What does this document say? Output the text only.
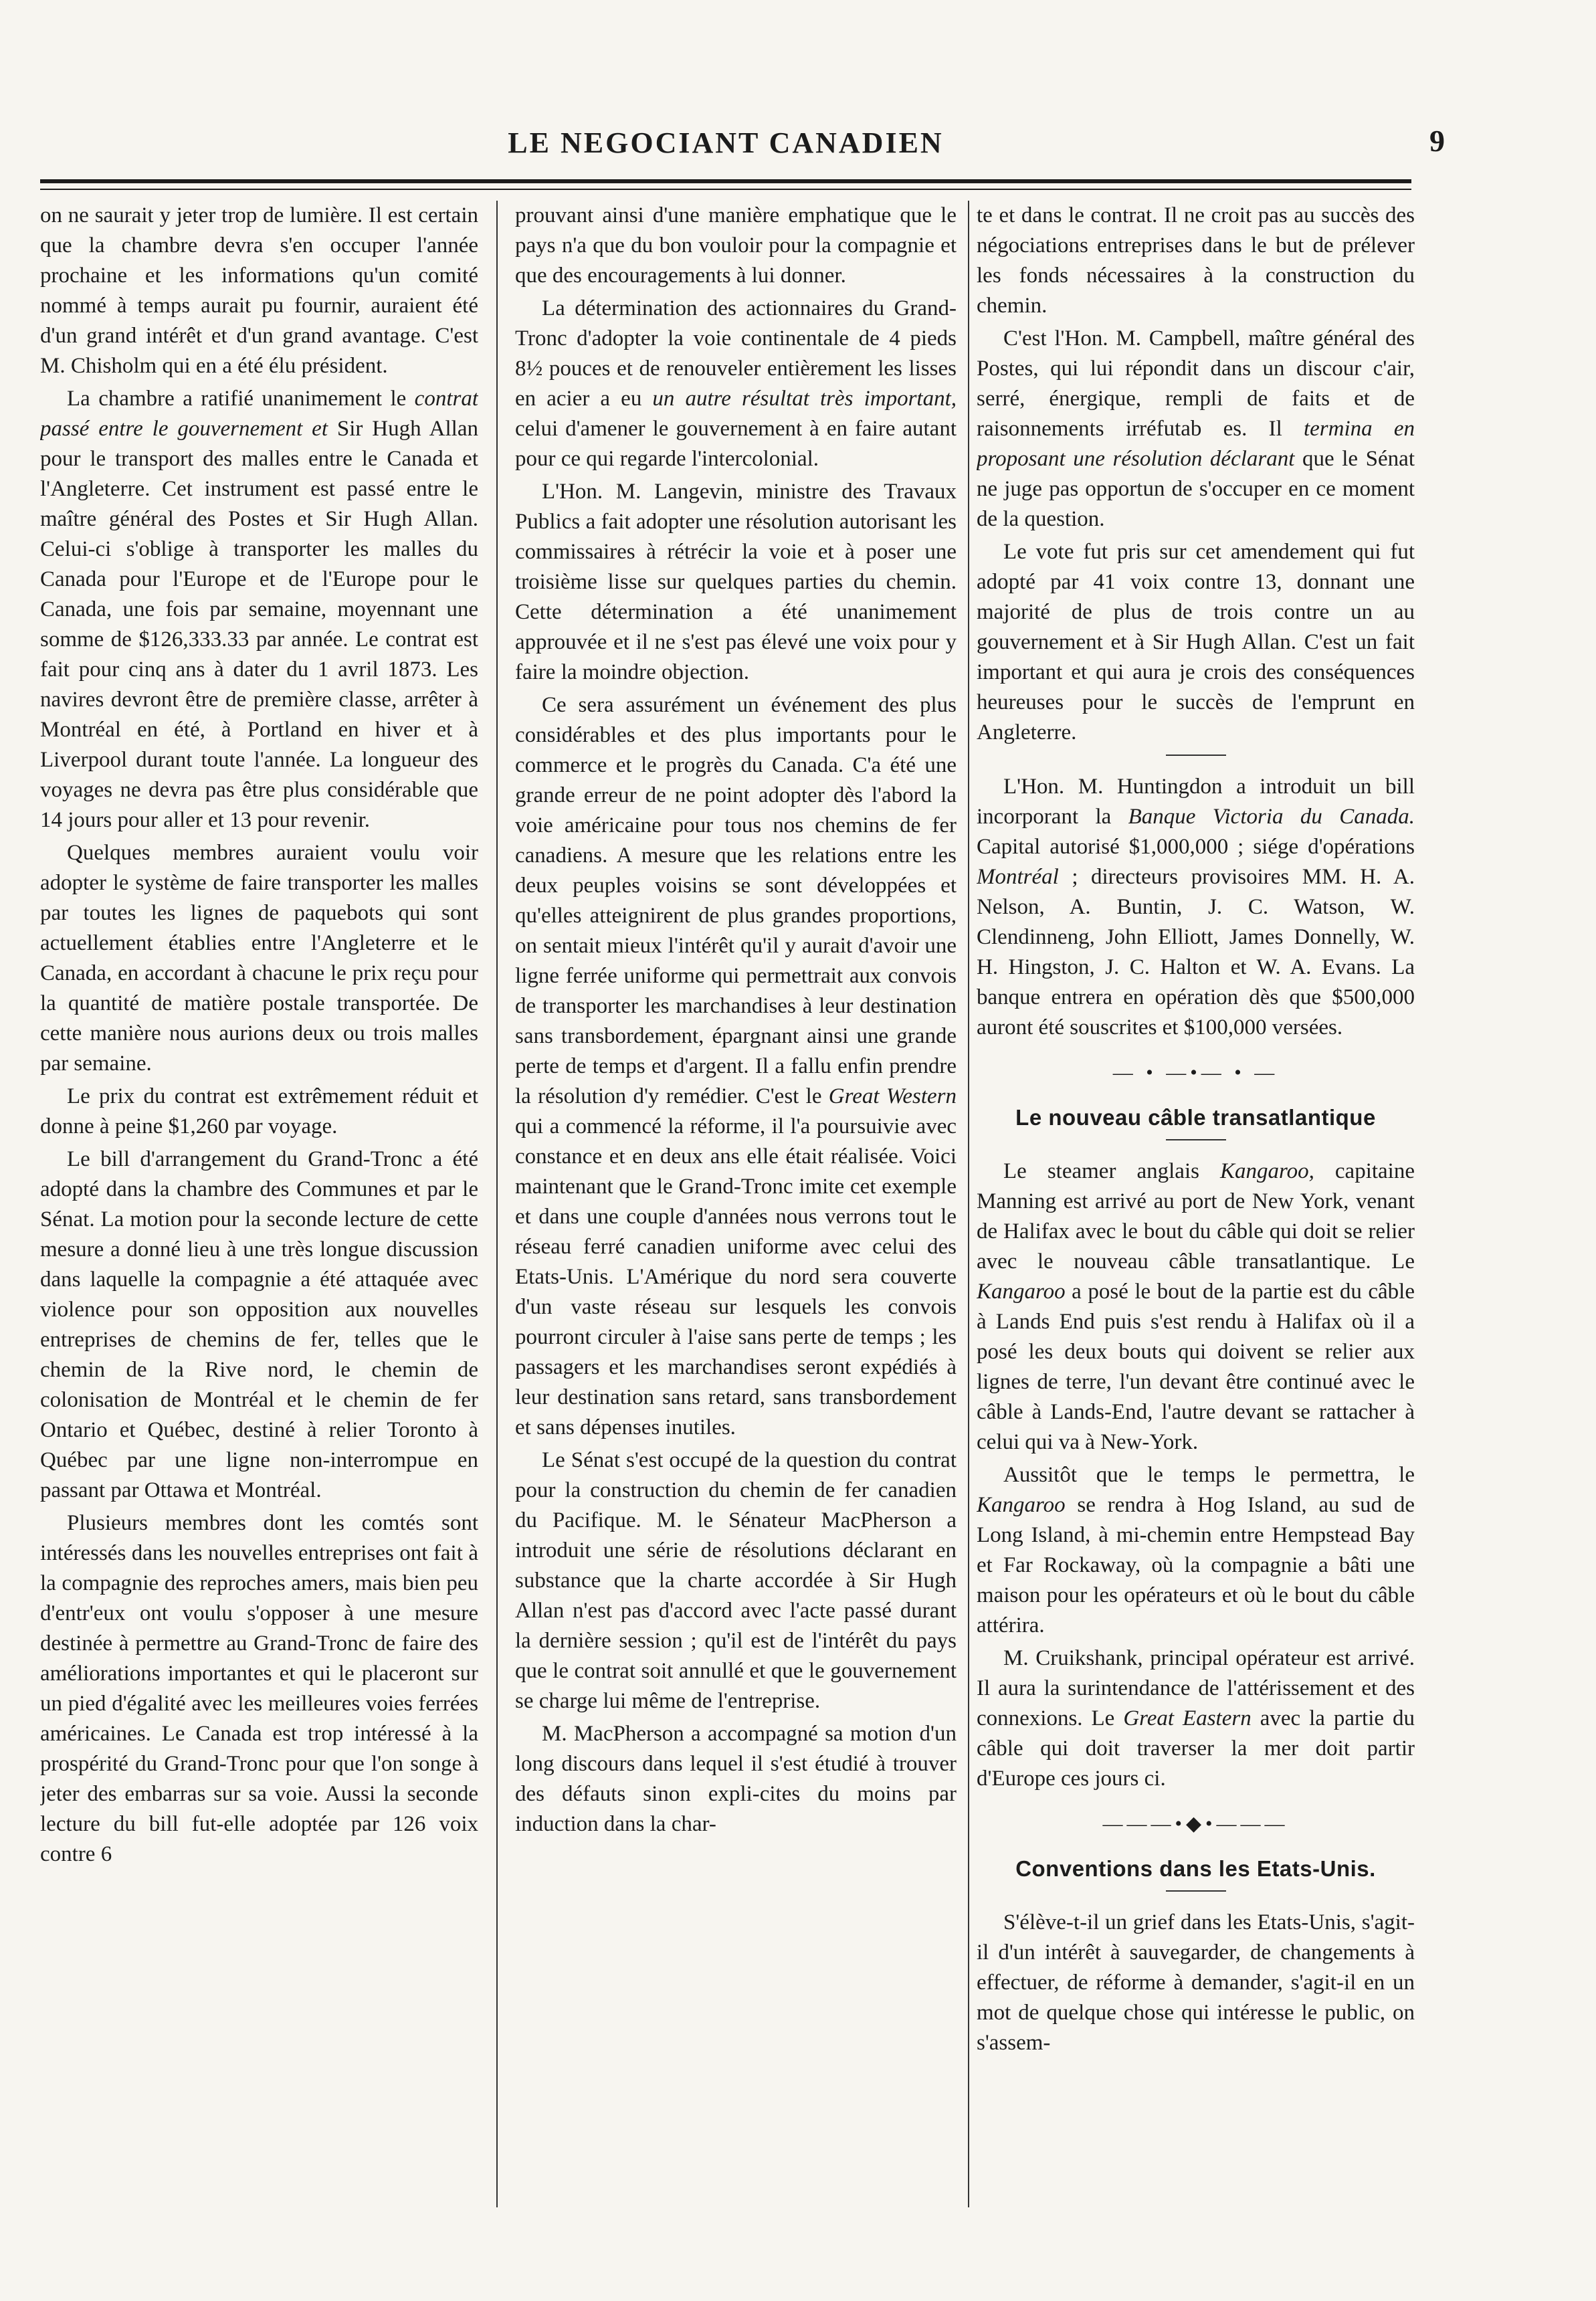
LE NEGOCIANT CANADIEN	9

on ne saurait y jeter trop de lumière. Il est certain que la chambre devra s'en occuper l'année prochaine et les informations qu'un comité nommé à temps aurait pu fournir, auraient été d'un grand intérêt et d'un grand avantage. C'est M. Chisholm qui en a été élu président.

La chambre a ratifié unanimement le contrat passé entre le gouvernement et Sir Hugh Allan pour le transport des malles entre le Canada et l'Angleterre. Cet instrument est passé entre le maître général des Postes et Sir Hugh Allan. Celui-ci s'oblige à transporter les malles du Canada pour l'Europe et de l'Europe pour le Canada, une fois par semaine, moyennant une somme de $126,333.33 par année. Le contrat est fait pour cinq ans à dater du 1 avril 1873. Les navires devront être de première classe, arrêter à Montréal en été, à Portland en hiver et à Liverpool durant toute l'année. La longueur des voyages ne devra pas être plus considérable que 14 jours pour aller et 13 pour revenir.

Quelques membres auraient voulu voir adopter le système de faire transporter les malles par toutes les lignes de paquebots qui sont actuellement établies entre l'Angleterre et le Canada, en accordant à chacune le prix reçu pour la quantité de matière postale transportée. De cette manière nous aurions deux ou trois malles par semaine.

Le prix du contrat est extrêmement réduit et donne à peine $1,260 par voyage.

Le bill d'arrangement du Grand-Tronc a été adopté dans la chambre des Communes et par le Sénat. La motion pour la seconde lecture de cette mesure a donné lieu à une très longue discussion dans laquelle la compagnie a été attaquée avec violence pour son opposition aux nouvelles entreprises de chemins de fer, telles que le chemin de la Rive nord, le chemin de colonisation de Montréal et le chemin de fer Ontario et Québec, destiné à relier Toronto à Québec par une ligne non-interrompue en passant par Ottawa et Montréal.

Plusieurs membres dont les comtés sont intéressés dans les nouvelles entreprises ont fait à la compagnie des reproches amers, mais bien peu d'entr'eux ont voulu s'opposer à une mesure destinée à permettre au Grand-Tronc de faire des améliorations importantes et qui le placeront sur un pied d'égalité avec les meilleures voies ferrées américaines. Le Canada est trop intéressé à la prospérité du Grand-Tronc pour que l'on songe à jeter des embarras sur sa voie. Aussi la seconde lecture du bill fut-elle adoptée par 126 voix contre 6

prouvant ainsi d'une manière emphatique que le pays n'a que du bon vouloir pour la compagnie et que des encouragements à lui donner.

La détermination des actionnaires du Grand-Tronc d'adopter la voie continentale de 4 pieds 8½ pouces et de renouveler entièrement les lisses en acier a eu un autre résultat très important, celui d'amener le gouvernement à en faire autant pour ce qui regarde l'intercolonial.

L'Hon. M. Langevin, ministre des Travaux Publics a fait adopter une résolution autorisant les commissaires à rétrécir la voie et à poser une troisième lisse sur quelques parties du chemin. Cette détermination a été unanimement approuvée et il ne s'est pas élevé une voix pour y faire la moindre objection.

Ce sera assurément un événement des plus considérables et des plus importants pour le commerce et le progrès du Canada. C'a été une grande erreur de ne point adopter dès l'abord la voie américaine pour tous nos chemins de fer canadiens. A mesure que les relations entre les deux peuples voisins se sont développées et qu'elles atteignirent de plus grandes proportions, on sentait mieux l'intérêt qu'il y aurait d'avoir une ligne ferrée uniforme qui permettrait aux convois de transporter les marchandises à leur destination sans transbordement, épargnant ainsi une grande perte de temps et d'argent. Il a fallu enfin prendre la résolution d'y remédier. C'est le Great Western qui a commencé la réforme, il l'a poursuivie avec constance et en deux ans elle était réalisée. Voici maintenant que le Grand-Tronc imite cet exemple et dans une couple d'années nous verrons tout le réseau ferré canadien uniforme avec celui des Etats-Unis. L'Amérique du nord sera couverte d'un vaste réseau sur lesquels les convois pourront circuler à l'aise sans perte de temps ; les passagers et les marchandises seront expédiés à leur destination sans retard, sans transbordement et sans dépenses inutiles.

Le Sénat s'est occupé de la question du contrat pour la construction du chemin de fer canadien du Pacifique. M. le Sénateur MacPherson a introduit une série de résolutions déclarant en substance que la charte accordée à Sir Hugh Allan n'est pas d'accord avec l'acte passé durant la dernière session ; qu'il est de l'intérêt du pays que le contrat soit annullé et que le gouvernement se charge lui même de l'entreprise.

M. MacPherson a accompagné sa motion d'un long discours dans lequel il s'est étudié à trouver des défauts sinon expli-cites du moins par induction dans la char-

te et dans le contrat. Il ne croit pas au succès des négociations entreprises dans le but de prélever les fonds nécessaires à la construction du chemin.

C'est l'Hon. M. Campbell, maître général des Postes, qui lui répondit dans un discour c'air, serré, énergique, rempli de faits et de raisonnements irréfutab es. Il termina en proposant une résolution déclarant que le Sénat ne juge pas opportun de s'occuper en ce moment de la question.

Le vote fut pris sur cet amendement qui fut adopté par 41 voix contre 13, donnant une majorité de plus de trois contre un au gouvernement et à Sir Hugh Allan. C'est un fait important et qui aura je crois des conséquences heureuses pour le succès de l'emprunt en Angleterre.

L'Hon. M. Huntingdon a introduit un bill incorporant la Banque Victoria du Canada. Capital autorisé $1,000,000 ; siége d'opérations Montréal ; directeurs provisoires MM. H. A. Nelson, A. Buntin, J. C. Watson, W. Clendinneng, John Elliott, James Donnelly, W. H. Hingston, J. C. Halton et W. A. Evans. La banque entrera en opération dès que $500,000 auront été souscrites et $100,000 versées.

— • —•— • —
Le nouveau câble transatlantique

Le steamer anglais Kangaroo, capitaine Manning est arrivé au port de New York, venant de Halifax avec le bout du câble qui doit se relier avec le nouveau câble transatlantique. Le Kangaroo a posé le bout de la partie est du câble à Lands End puis s'est rendu à Halifax où il a posé les deux bouts qui doivent se relier aux lignes de terre, l'un devant être continué avec le câble à Lands-End, l'autre devant se rattacher à celui qui va à New-York.

Aussitôt que le temps le permettra, le Kangaroo se rendra à Hog Island, au sud de Long Island, à mi-chemin entre Hempstead Bay et Far Rockaway, où la compagnie a bâti une maison pour les opérateurs et où le bout du câble attérira.

M. Cruikshank, principal opérateur est arrivé. Il aura la surintendance de l'attérissement et des connexions. Le Great Eastern avec la partie du câble qui doit traverser la mer doit partir d'Europe ces jours ci.

———•◆•———
Conventions dans les Etats-Unis.

S'élève-t-il un grief dans les Etats-Unis, s'agit-il d'un intérêt à sauvegarder, de changements à effectuer, de réforme à demander, s'agit-il en un mot de quelque chose qui intéresse le public, on s'assem-
